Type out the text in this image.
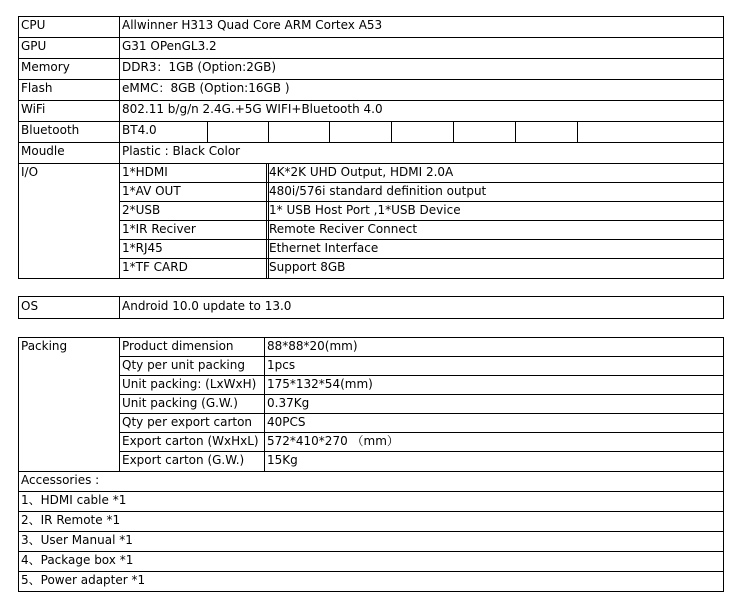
CPU	Allwinner H313 Quad Core ARM Cortex A53
GPU	G31 OPenGL3.2
Memory	DDR3：1GB (Option:2GB)
Flash	eMMC：8GB (Option:16GB )
WiFi	802.11 b/g/n 2.4G.+5G WIFI+Bluetooth 4.0
Bluetooth	BT4.0
Moudle	Plastic : Black Color
I/O	1*HDMI	4K*2K UHD Output, HDMI 2.0A
1*AV OUT	480i/576i standard definition output
2*USB	1* USB Host Port ,1*USB Device
1*IR Reciver	Remote Reciver Connect
1*RJ45	Ethernet Interface
1*TF CARD	Support 8GB
OS	Android 10.0 update to 13.0
Packing	Product dimension	88*88*20(mm)
Qty per unit packing	1pcs
Unit packing: (LxWxH) 175*132*54(mm)
Unit packing (G.W.)	0.37Kg
Qty per export carton	40PCS
Export carton (WxHxL) 572*410*270 （mm）
Export carton (G.W.)	15Kg
Accessories :
1、HDMI cable *1
2、IR Remote *1
3、User Manual *1
4、Package box *1
5、Power adapter *1
